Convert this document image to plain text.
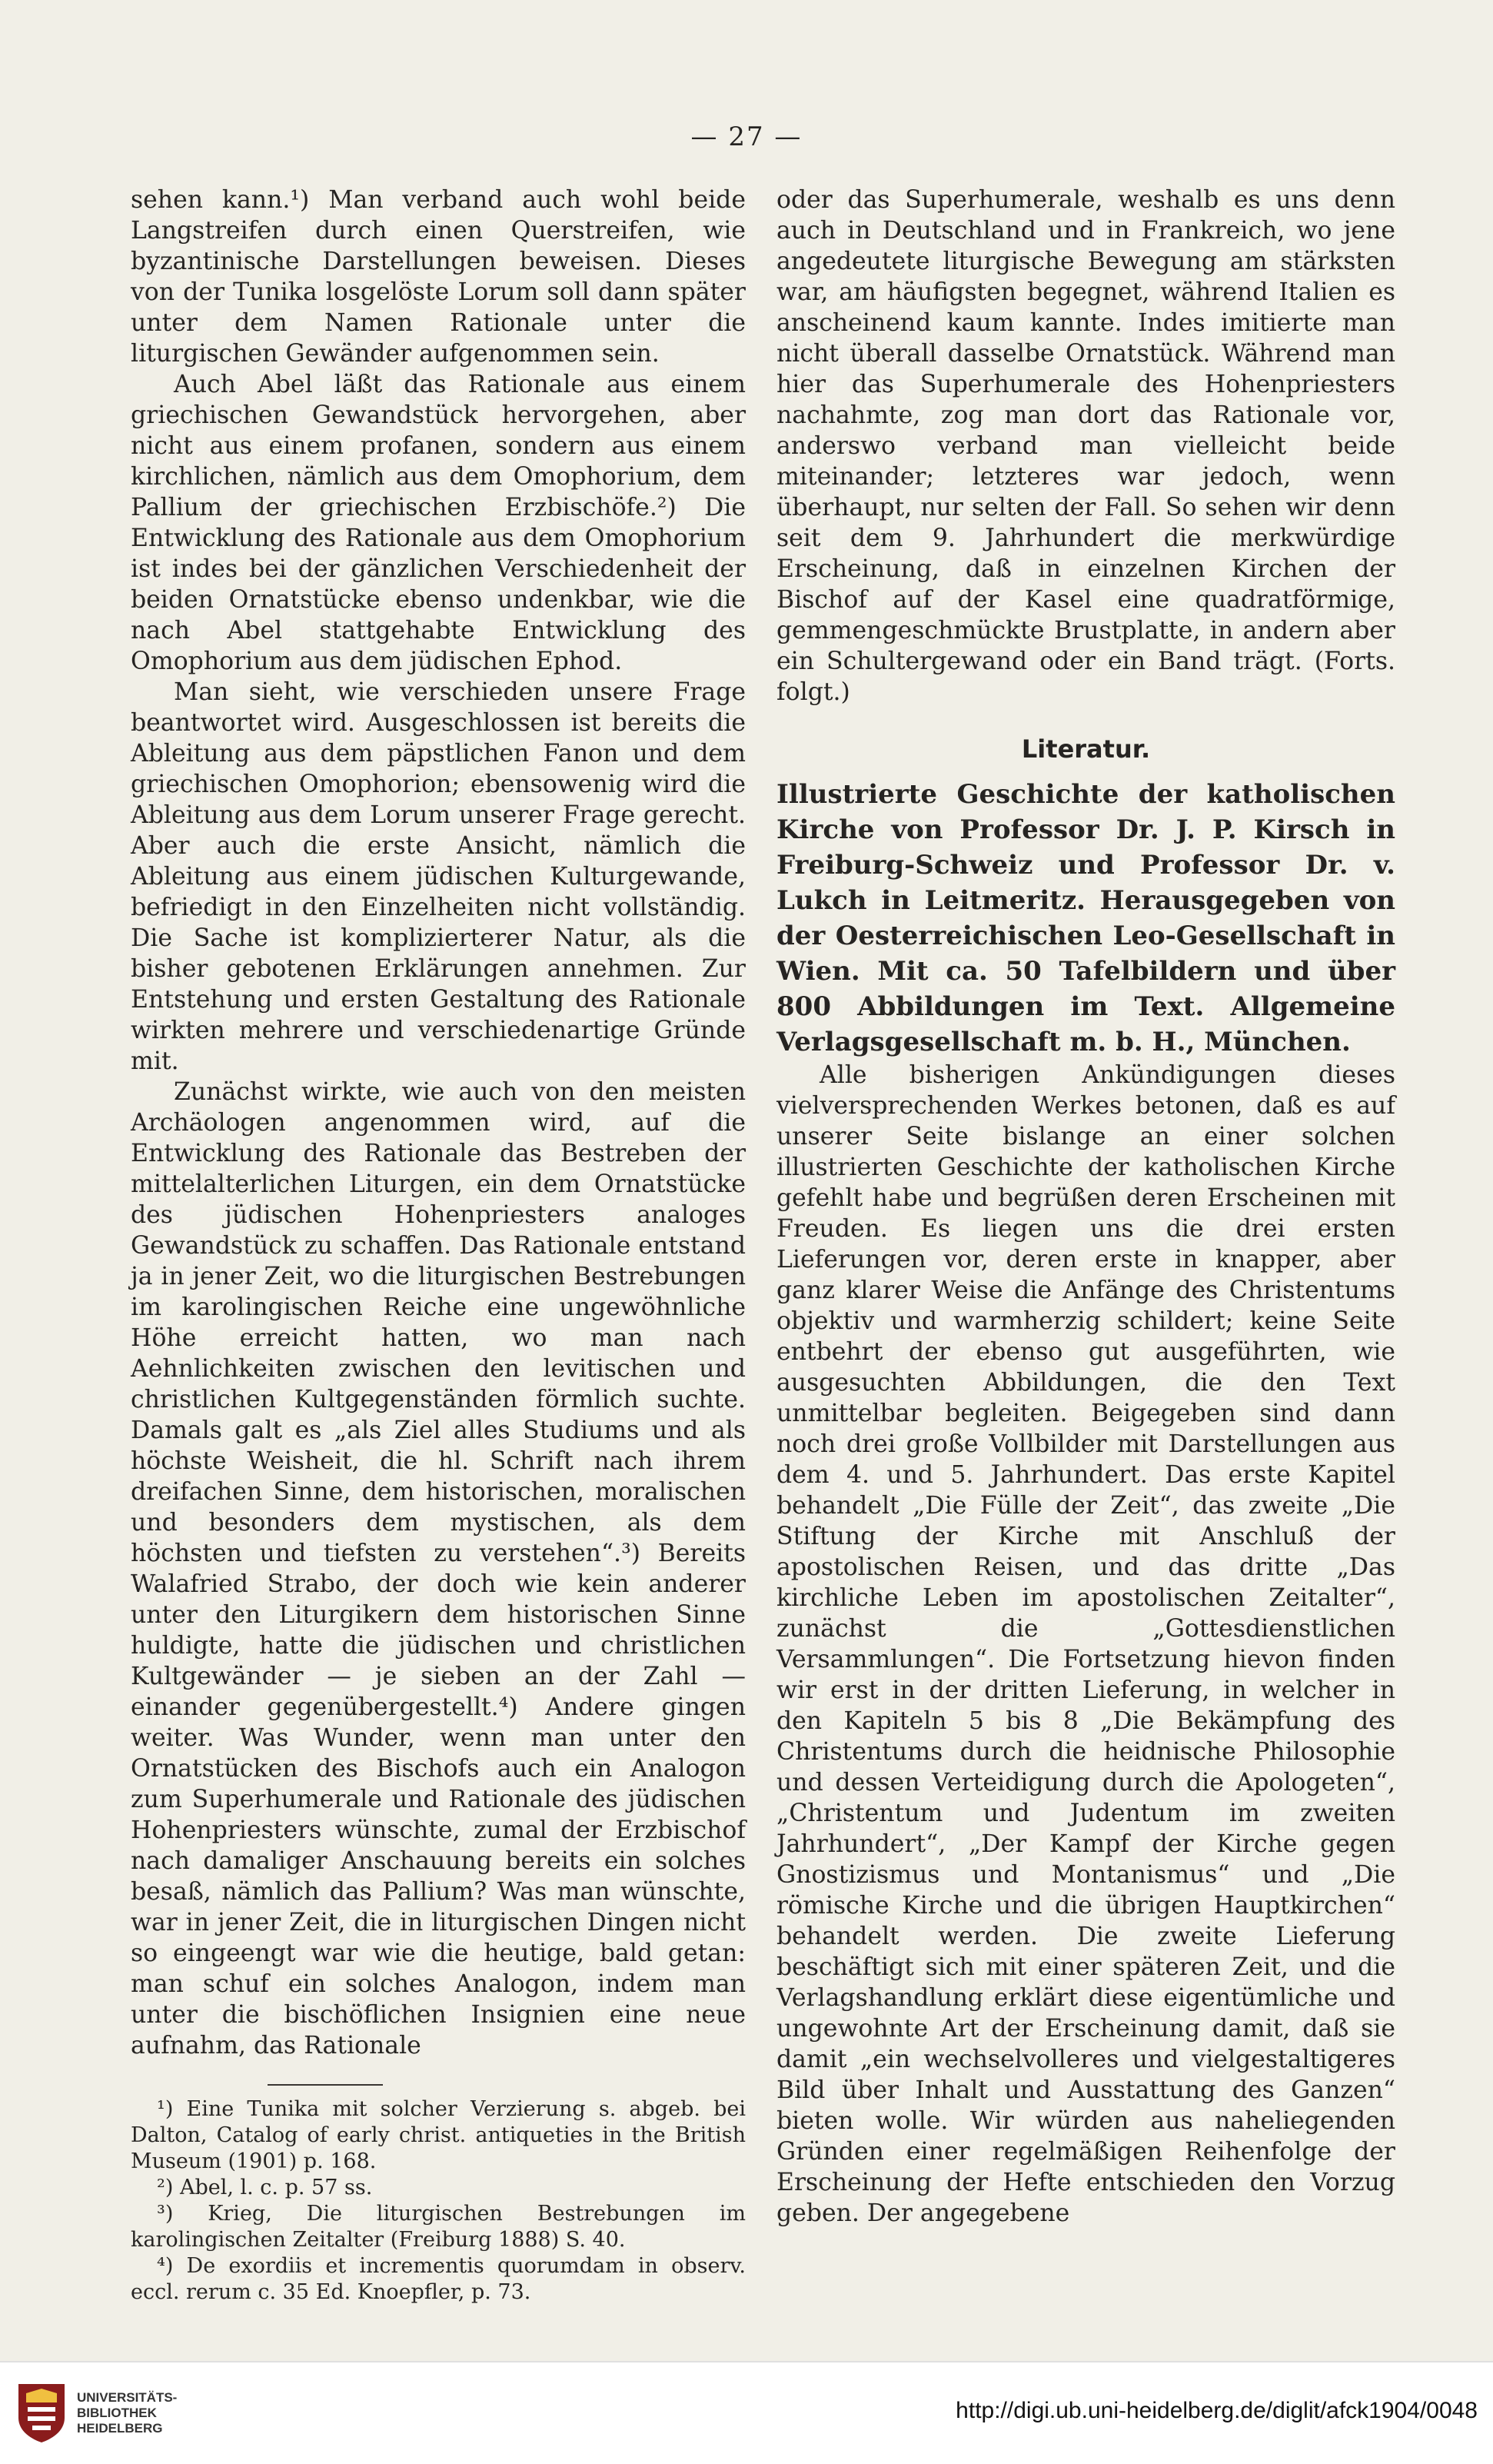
— 27 —

sehen kann.¹) Man verband auch wohl beide Langstreifen durch einen Querstreifen, wie byzantinische Darstellungen beweisen. Dieses von der Tunika losgelöste Lorum soll dann später unter dem Namen Rationale unter die liturgischen Gewänder aufgenommen sein.

Auch Abel läßt das Rationale aus einem griechischen Gewandstück hervorgehen, aber nicht aus einem profanen, sondern aus einem kirchlichen, nämlich aus dem Omophorium, dem Pallium der griechischen Erzbischöfe.²) Die Entwicklung des Rationale aus dem Omophorium ist indes bei der gänzlichen Verschiedenheit der beiden Ornatstücke ebenso undenkbar, wie die nach Abel stattgehabte Entwicklung des Omophorium aus dem jüdischen Ephod.

Man sieht, wie verschieden unsere Frage beantwortet wird. Ausgeschlossen ist bereits die Ableitung aus dem päpstlichen Fanon und dem griechischen Omophorion; ebensowenig wird die Ableitung aus dem Lorum unserer Frage gerecht. Aber auch die erste Ansicht, nämlich die Ableitung aus einem jüdischen Kulturgewande, befriedigt in den Einzelheiten nicht vollständig. Die Sache ist komplizierterer Natur, als die bisher gebotenen Erklärungen annehmen. Zur Entstehung und ersten Gestaltung des Rationale wirkten mehrere und verschiedenartige Gründe mit.

Zunächst wirkte, wie auch von den meisten Archäologen angenommen wird, auf die Entwicklung des Rationale das Bestreben der mittelalterlichen Liturgen, ein dem Ornatstücke des jüdischen Hohenpriesters analoges Gewandstück zu schaffen. Das Rationale entstand ja in jener Zeit, wo die liturgischen Bestrebungen im karolingischen Reiche eine ungewöhnliche Höhe erreicht hatten, wo man nach Aehnlichkeiten zwischen den levitischen und christlichen Kultgegenständen förmlich suchte. Damals galt es „als Ziel alles Studiums und als höchste Weisheit, die hl. Schrift nach ihrem dreifachen Sinne, dem historischen, moralischen und besonders dem mystischen, als dem höchsten und tiefsten zu verstehen“.³) Bereits Walafried Strabo, der doch wie kein anderer unter den Liturgikern dem historischen Sinne huldigte, hatte die jüdischen und christlichen Kultgewänder — je sieben an der Zahl — einander gegenübergestellt.⁴) Andere gingen weiter. Was Wunder, wenn man unter den Ornatstücken des Bischofs auch ein Analogon zum Superhumerale und Rationale des jüdischen Hohenpriesters wünschte, zumal der Erzbischof nach damaliger Anschauung bereits ein solches besaß, nämlich das Pallium? Was man wünschte, war in jener Zeit, die in liturgischen Dingen nicht so eingeengt war wie die heutige, bald getan: man schuf ein solches Analogon, indem man unter die bischöflichen Insignien eine neue aufnahm, das Rationale

¹) Eine Tunika mit solcher Verzierung s. abgeb. bei Dalton, Catalog of early christ. antiqueties in the British Museum (1901) p. 168.

²) Abel, l. c. p. 57 ss.

³) Krieg, Die liturgischen Bestrebungen im karolingischen Zeitalter (Freiburg 1888) S. 40.

⁴) De exordiis et incrementis quorumdam in observ. eccl. rerum c. 35 Ed. Knoepfler, p. 73.

oder das Superhumerale, weshalb es uns denn auch in Deutschland und in Frankreich, wo jene angedeutete liturgische Bewegung am stärksten war, am häufigsten begegnet, während Italien es anscheinend kaum kannte. Indes imitierte man nicht überall dasselbe Ornatstück. Während man hier das Superhumerale des Hohenpriesters nachahmte, zog man dort das Rationale vor, anderswo verband man vielleicht beide miteinander; letzteres war jedoch, wenn überhaupt, nur selten der Fall. So sehen wir denn seit dem 9. Jahrhundert die merkwürdige Erscheinung, daß in einzelnen Kirchen der Bischof auf der Kasel eine quadratförmige, gemmengeschmückte Brustplatte, in andern aber ein Schultergewand oder ein Band trägt. (Forts. folgt.)

Literatur.

Illustrierte Geschichte der katholischen Kirche von Professor Dr. J. P. Kirsch in Freiburg-Schweiz und Professor Dr. v. Lukch in Leitmeritz. Herausgegeben von der Oesterreichischen Leo-Gesellschaft in Wien. Mit ca. 50 Tafelbildern und über 800 Abbildungen im Text. Allgemeine Verlagsgesellschaft m. b. H., München.

Alle bisherigen Ankündigungen dieses vielversprechenden Werkes betonen, daß es auf unserer Seite bislange an einer solchen illustrierten Geschichte der katholischen Kirche gefehlt habe und begrüßen deren Erscheinen mit Freuden. Es liegen uns die drei ersten Lieferungen vor, deren erste in knapper, aber ganz klarer Weise die Anfänge des Christentums objektiv und warmherzig schildert; keine Seite entbehrt der ebenso gut ausgeführten, wie ausgesuchten Abbildungen, die den Text unmittelbar begleiten. Beigegeben sind dann noch drei große Vollbilder mit Darstellungen aus dem 4. und 5. Jahrhundert. Das erste Kapitel behandelt „Die Fülle der Zeit“, das zweite „Die Stiftung der Kirche mit Anschluß der apostolischen Reisen, und das dritte „Das kirchliche Leben im apostolischen Zeitalter“, zunächst die „Gottesdienstlichen Versammlungen“. Die Fortsetzung hievon finden wir erst in der dritten Lieferung, in welcher in den Kapiteln 5 bis 8 „Die Bekämpfung des Christentums durch die heidnische Philosophie und dessen Verteidigung durch die Apologeten“, „Christentum und Judentum im zweiten Jahrhundert“, „Der Kampf der Kirche gegen Gnostizismus und Montanismus“ und „Die römische Kirche und die übrigen Hauptkirchen“ behandelt werden. Die zweite Lieferung beschäftigt sich mit einer späteren Zeit, und die Verlagshandlung erklärt diese eigentümliche und ungewohnte Art der Erscheinung damit, daß sie damit „ein wechselvolleres und vielgestaltigeres Bild über Inhalt und Ausstattung des Ganzen“ bieten wolle. Wir würden aus naheliegenden Gründen einer regelmäßigen Reihenfolge der Erscheinung der Hefte entschieden den Vorzug geben. Der angegebene

UNIVERSITÄTS-
BIBLIOTHEK
HEIDELBERG
http://digi.ub.uni-heidelberg.de/diglit/afck1904/0048
